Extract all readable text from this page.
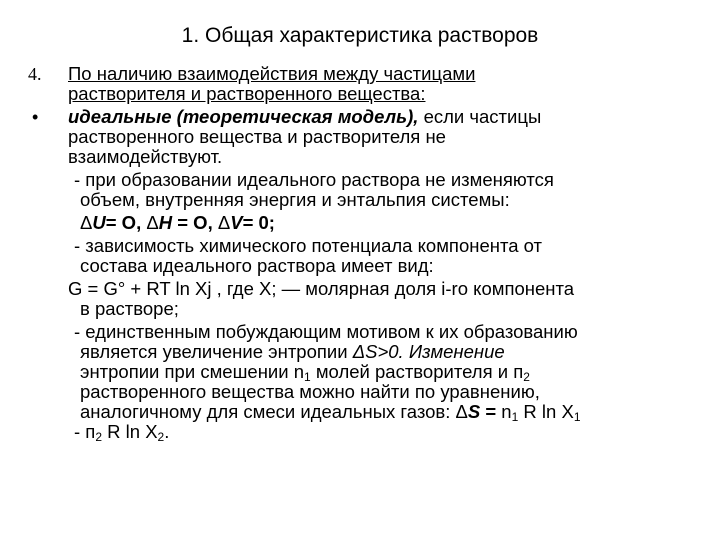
1. Общая характеристика растворов
4.	По наличию взаимодействия между частицами
растворителя и растворенного вещества:
•	идеальные (теоретическая модель), если частицы
растворенного вещества и растворителя не
взаимодействуют.
- при образовании идеального раствора не изменяются
объем, внутренняя энергия и энтальпия системы:
ΔU= О, ΔH = О, ΔV= 0;
- зависимость химического потенциала компонента от
состава идеального раствора имеет вид:
G = G° + RT ln Xj , где X; — молярная доля i-ro компонента
в растворе;
- единственным побуждающим мотивом к их образованию
является увеличение энтропии ΔS>0. Изменение
энтропии при смешении $n_1$ молей растворителя и $п_2$
растворенного вещества можно найти по уравнению,
аналогичному для смеси идеальных газов: $\Delta S = n_1$ R $\ln X_1$
- $п_2$ R $\ln X_2$.
